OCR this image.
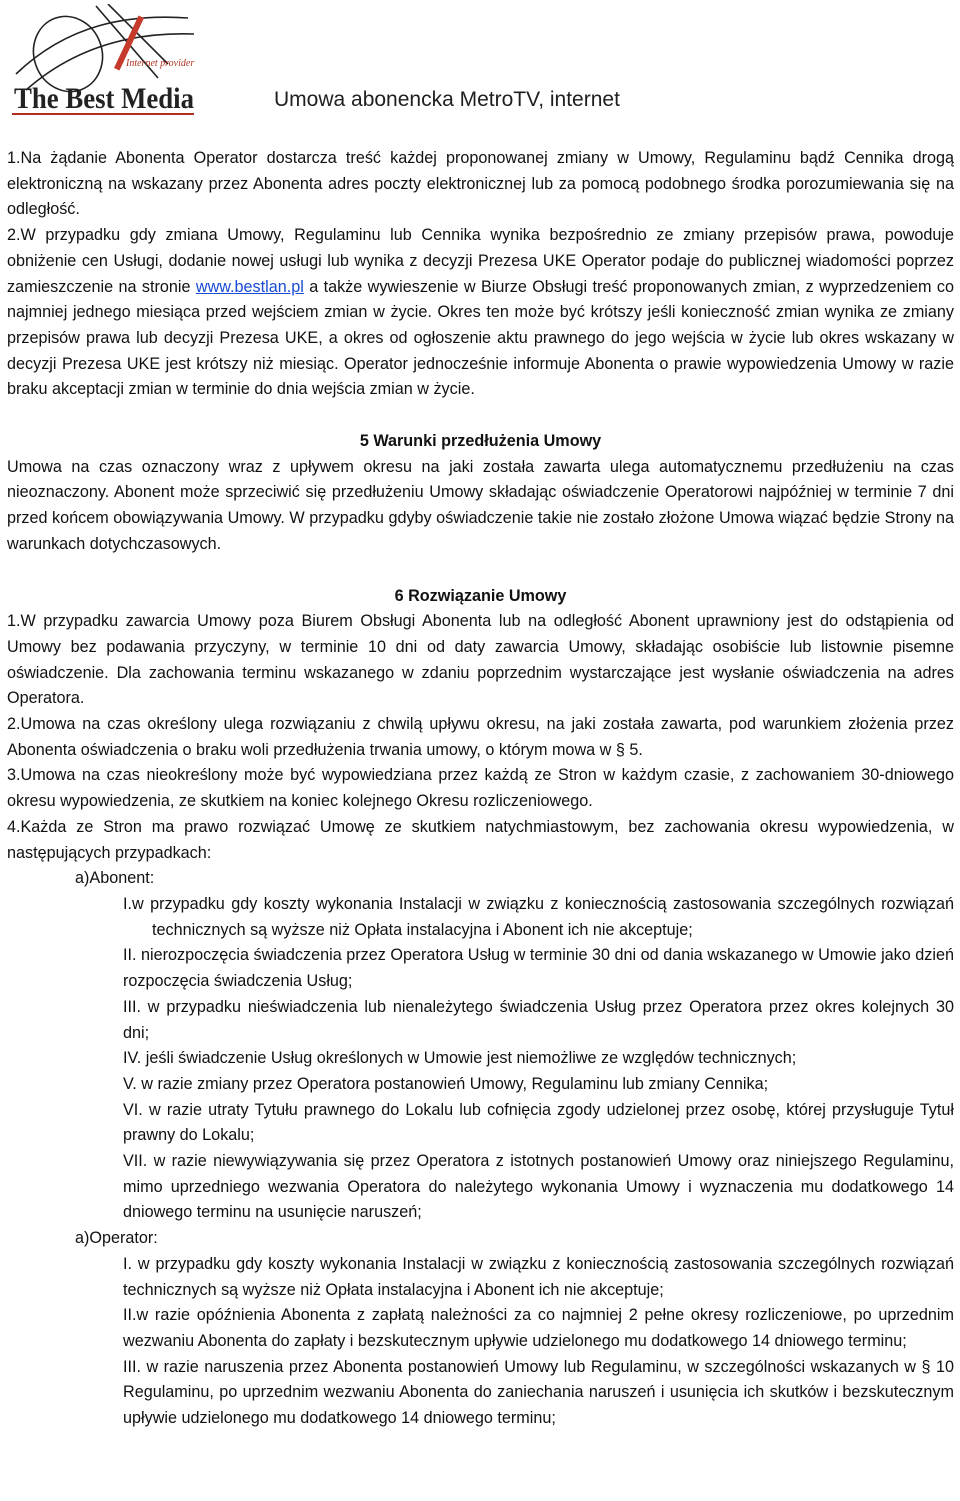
Internet provider
The Best Media	Umowa abonencka MetroTV, internet

1.Na żądanie Abonenta Operator dostarcza treść każdej proponowanej zmiany w Umowy, Regulaminu bądź Cennika drogą elektroniczną na wskazany przez Abonenta adres poczty elektronicznej lub za pomocą podobnego środka porozumiewania się na odległość.

2.W przypadku gdy zmiana Umowy, Regulaminu lub Cennika wynika bezpośrednio ze zmiany przepisów prawa, powoduje obniżenie cen Usługi, dodanie nowej usługi lub wynika z decyzji Prezesa UKE Operator podaje do publicznej wiadomości poprzez zamieszczenie na stronie www.bestlan.pl a także wywieszenie w Biurze Obsługi treść proponowanych zmian, z wyprzedzeniem co najmniej jednego miesiąca przed wejściem zmian w życie. Okres ten może być krótszy jeśli konieczność zmian wynika ze zmiany przepisów prawa lub decyzji Prezesa UKE, a okres od ogłoszenie aktu prawnego do jego wejścia w życie lub okres wskazany w decyzji Prezesa UKE jest krótszy niż miesiąc. Operator jednocześnie informuje Abonenta o prawie wypowiedzenia Umowy w razie braku akceptacji zmian w terminie do dnia wejścia zmian w życie.

5 Warunki przedłużenia Umowy

Umowa na czas oznaczony wraz z upływem okresu na jaki została zawarta ulega automatycznemu przedłużeniu na czas nieoznaczony. Abonent może sprzeciwić się przedłużeniu Umowy składając oświadczenie Operatorowi najpóźniej w terminie 7 dni przed końcem obowiązywania Umowy. W przypadku gdyby oświadczenie takie nie zostało złożone Umowa wiązać będzie Strony na warunkach dotychczasowych.

6 Rozwiązanie Umowy

1.W przypadku zawarcia Umowy poza Biurem Obsługi Abonenta lub na odległość Abonent uprawniony jest do odstąpienia od Umowy bez podawania przyczyny, w terminie 10 dni od daty zawarcia Umowy, składając osobiście lub listownie pisemne oświadczenie. Dla zachowania terminu wskazanego w zdaniu poprzednim wystarczające jest wysłanie oświadczenia na adres Operatora.

2.Umowa na czas określony ulega rozwiązaniu z chwilą upływu okresu, na jaki została zawarta, pod warunkiem złożenia przez Abonenta oświadczenia o braku woli przedłużenia trwania umowy, o którym mowa w § 5.

3.Umowa na czas nieokreślony może być wypowiedziana przez każdą ze Stron w każdym czasie, z zachowaniem 30-dniowego okresu wypowiedzenia, ze skutkiem na koniec kolejnego Okresu rozliczeniowego.

4.Każda ze Stron ma prawo rozwiązać Umowę ze skutkiem natychmiastowym, bez zachowania okresu wypowiedzenia, w następujących przypadkach:

a)Abonent:

I.w przypadku gdy koszty wykonania Instalacji w związku z koniecznością zastosowania szczególnych rozwiązań technicznych są wyższe niż Opłata instalacyjna i Abonent ich nie akceptuje;

II. nierozpoczęcia świadczenia przez Operatora Usług w terminie 30 dni od dania wskazanego w Umowie jako dzień rozpoczęcia świadczenia Usług;

III. w przypadku nieświadczenia lub nienależytego świadczenia Usług przez Operatora przez okres kolejnych 30 dni;

IV. jeśli świadczenie Usług określonych w Umowie jest niemożliwe ze względów technicznych;

V. w razie zmiany przez Operatora postanowień Umowy, Regulaminu lub zmiany Cennika;

VI. w razie utraty Tytułu prawnego do Lokalu lub cofnięcia zgody udzielonej przez osobę, której przysługuje Tytuł prawny do Lokalu;

VII. w razie niewywiązywania się przez Operatora z istotnych postanowień Umowy oraz niniejszego Regulaminu, mimo uprzedniego wezwania Operatora do należytego wykonania Umowy i wyznaczenia mu dodatkowego 14 dniowego terminu na usunięcie naruszeń;

a)Operator:

I. w przypadku gdy koszty wykonania Instalacji w związku z koniecznością zastosowania szczególnych rozwiązań technicznych są wyższe niż Opłata instalacyjna i Abonent ich nie akceptuje;

II.w razie opóźnienia Abonenta z zapłatą należności za co najmniej 2 pełne okresy rozliczeniowe, po uprzednim wezwaniu Abonenta do zapłaty i bezskutecznym upływie udzielonego mu dodatkowego 14 dniowego terminu;

III. w razie naruszenia przez Abonenta postanowień Umowy lub Regulaminu, w szczególności wskazanych w § 10 Regulaminu, po uprzednim wezwaniu Abonenta do zaniechania naruszeń i usunięcia ich skutków i bezskutecznym upływie udzielonego mu dodatkowego 14 dniowego terminu;
